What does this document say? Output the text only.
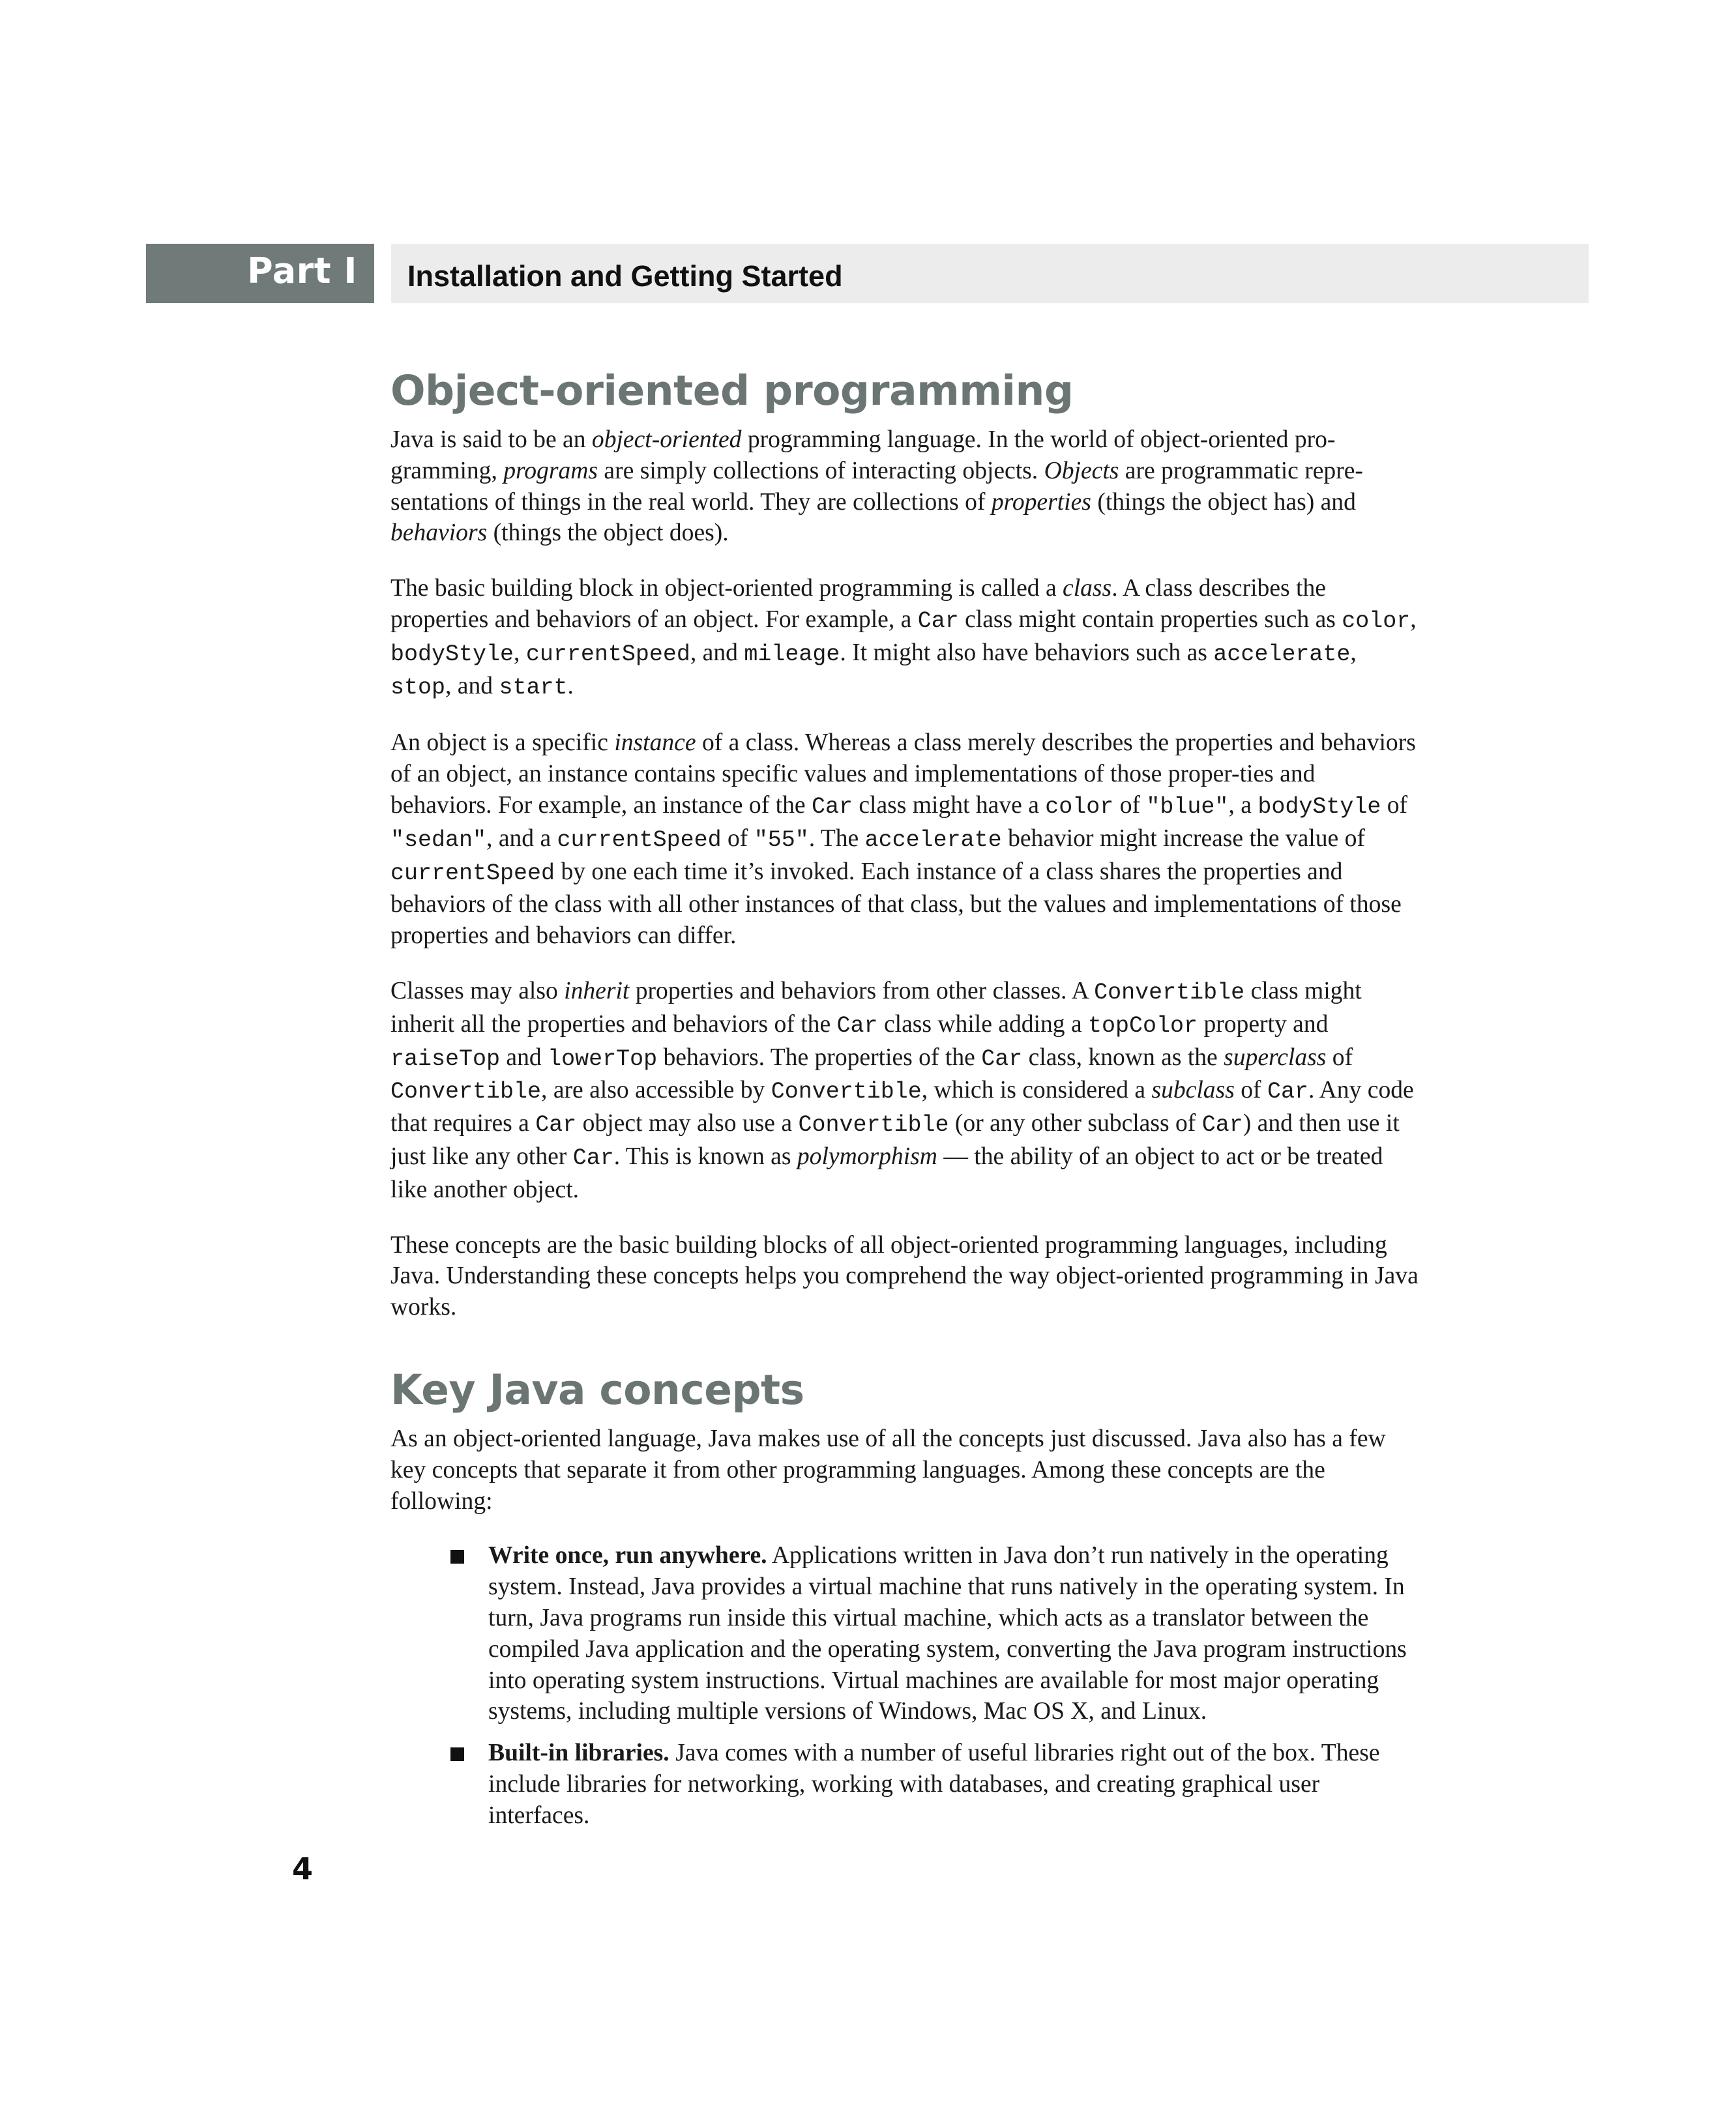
Part I Installation and Getting Started
Object-oriented programming

Java is said to be an object-oriented programming language. In the world of object-oriented pro-gramming, programs are simply collections of interacting objects. Objects are programmatic repre-sentations of things in the real world. They are collections of properties (things the object has) and behaviors (things the object does).

The basic building block in object-oriented programming is called a class. A class describes the properties and behaviors of an object. For example, a Car class might contain properties such as color, bodyStyle, currentSpeed, and mileage. It might also have behaviors such as accelerate, stop, and start.

An object is a specific instance of a class. Whereas a class merely describes the properties and behaviors of an object, an instance contains specific values and implementations of those proper-ties and behaviors. For example, an instance of the Car class might have a color of "blue", a bodyStyle of "sedan", and a currentSpeed of "55". The accelerate behavior might increase the value of currentSpeed by one each time it’s invoked. Each instance of a class shares the properties and behaviors of the class with all other instances of that class, but the values and implementations of those properties and behaviors can differ.

Classes may also inherit properties and behaviors from other classes. A Convertible class might inherit all the properties and behaviors of the Car class while adding a topColor property and raiseTop and lowerTop behaviors. The properties of the Car class, known as the superclass of Convertible, are also accessible by Convertible, which is considered a subclass of Car. Any code that requires a Car object may also use a Convertible (or any other subclass of Car) and then use it just like any other Car. This is known as polymorphism — the ability of an object to act or be treated like another object.

These concepts are the basic building blocks of all object-oriented programming languages, including Java. Understanding these concepts helps you comprehend the way object-oriented programming in Java works.

Key Java concepts

As an object-oriented language, Java makes use of all the concepts just discussed. Java also has a few key concepts that separate it from other programming languages. Among these concepts are the following:

Write once, run anywhere. Applications written in Java don’t run natively in the operating system. Instead, Java provides a virtual machine that runs natively in the operating system. In turn, Java programs run inside this virtual machine, which acts as a translator between the compiled Java application and the operating system, converting the Java program instructions into operating system instructions. Virtual machines are available for most major operating systems, including multiple versions of Windows, Mac OS X, and Linux.
Built-in libraries. Java comes with a number of useful libraries right out of the box. These include libraries for networking, working with databases, and creating graphical user interfaces.
4
